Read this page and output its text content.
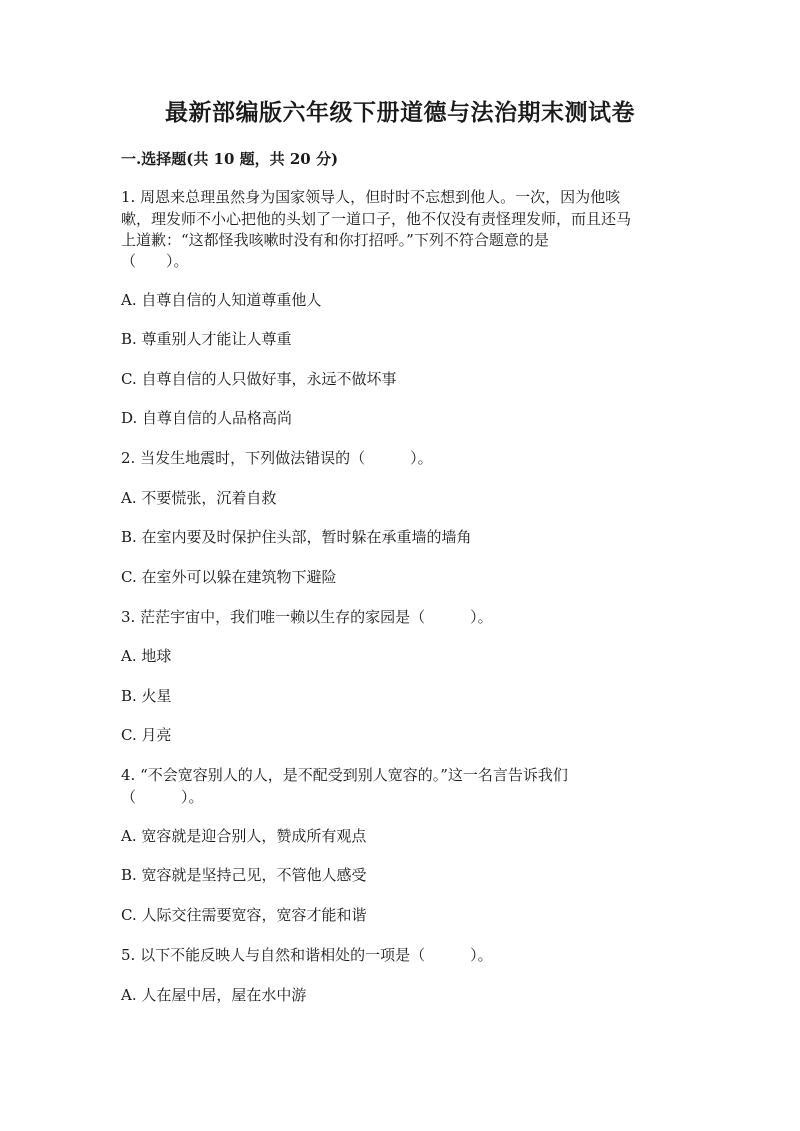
最新部编版六年级下册道德与法治期末测试卷
一.选择题(共 10 题，共 20 分)
1. 周恩来总理虽然身为国家领导人，但时时不忘想到他人。一次，因为他咳
嗽，理发师不小心把他的头划了一道口子，他不仅没有责怪理发师，而且还马
上道歉：“这都怪我咳嗽时没有和你打招呼。”下列不符合题意的是
（　　）。
A. 自尊自信的人知道尊重他人
B. 尊重别人才能让人尊重
C. 自尊自信的人只做好事，永远不做坏事
D. 自尊自信的人品格高尚
2. 当发生地震时，下列做法错误的（　　　）。
A. 不要慌张，沉着自救
B. 在室内要及时保护住头部，暂时躲在承重墙的墙角
C. 在室外可以躲在建筑物下避险
3. 茫茫宇宙中，我们唯一赖以生存的家园是（　　　）。
A. 地球
B. 火星
C. 月亮
4. “不会宽容别人的人，是不配受到别人宽容的。”这一名言告诉我们
（　　　）。
A. 宽容就是迎合别人，赞成所有观点
B. 宽容就是坚持己见，不管他人感受
C. 人际交往需要宽容，宽容才能和谐
5. 以下不能反映人与自然和谐相处的一项是（　　　）。
A. 人在屋中居，屋在水中游
